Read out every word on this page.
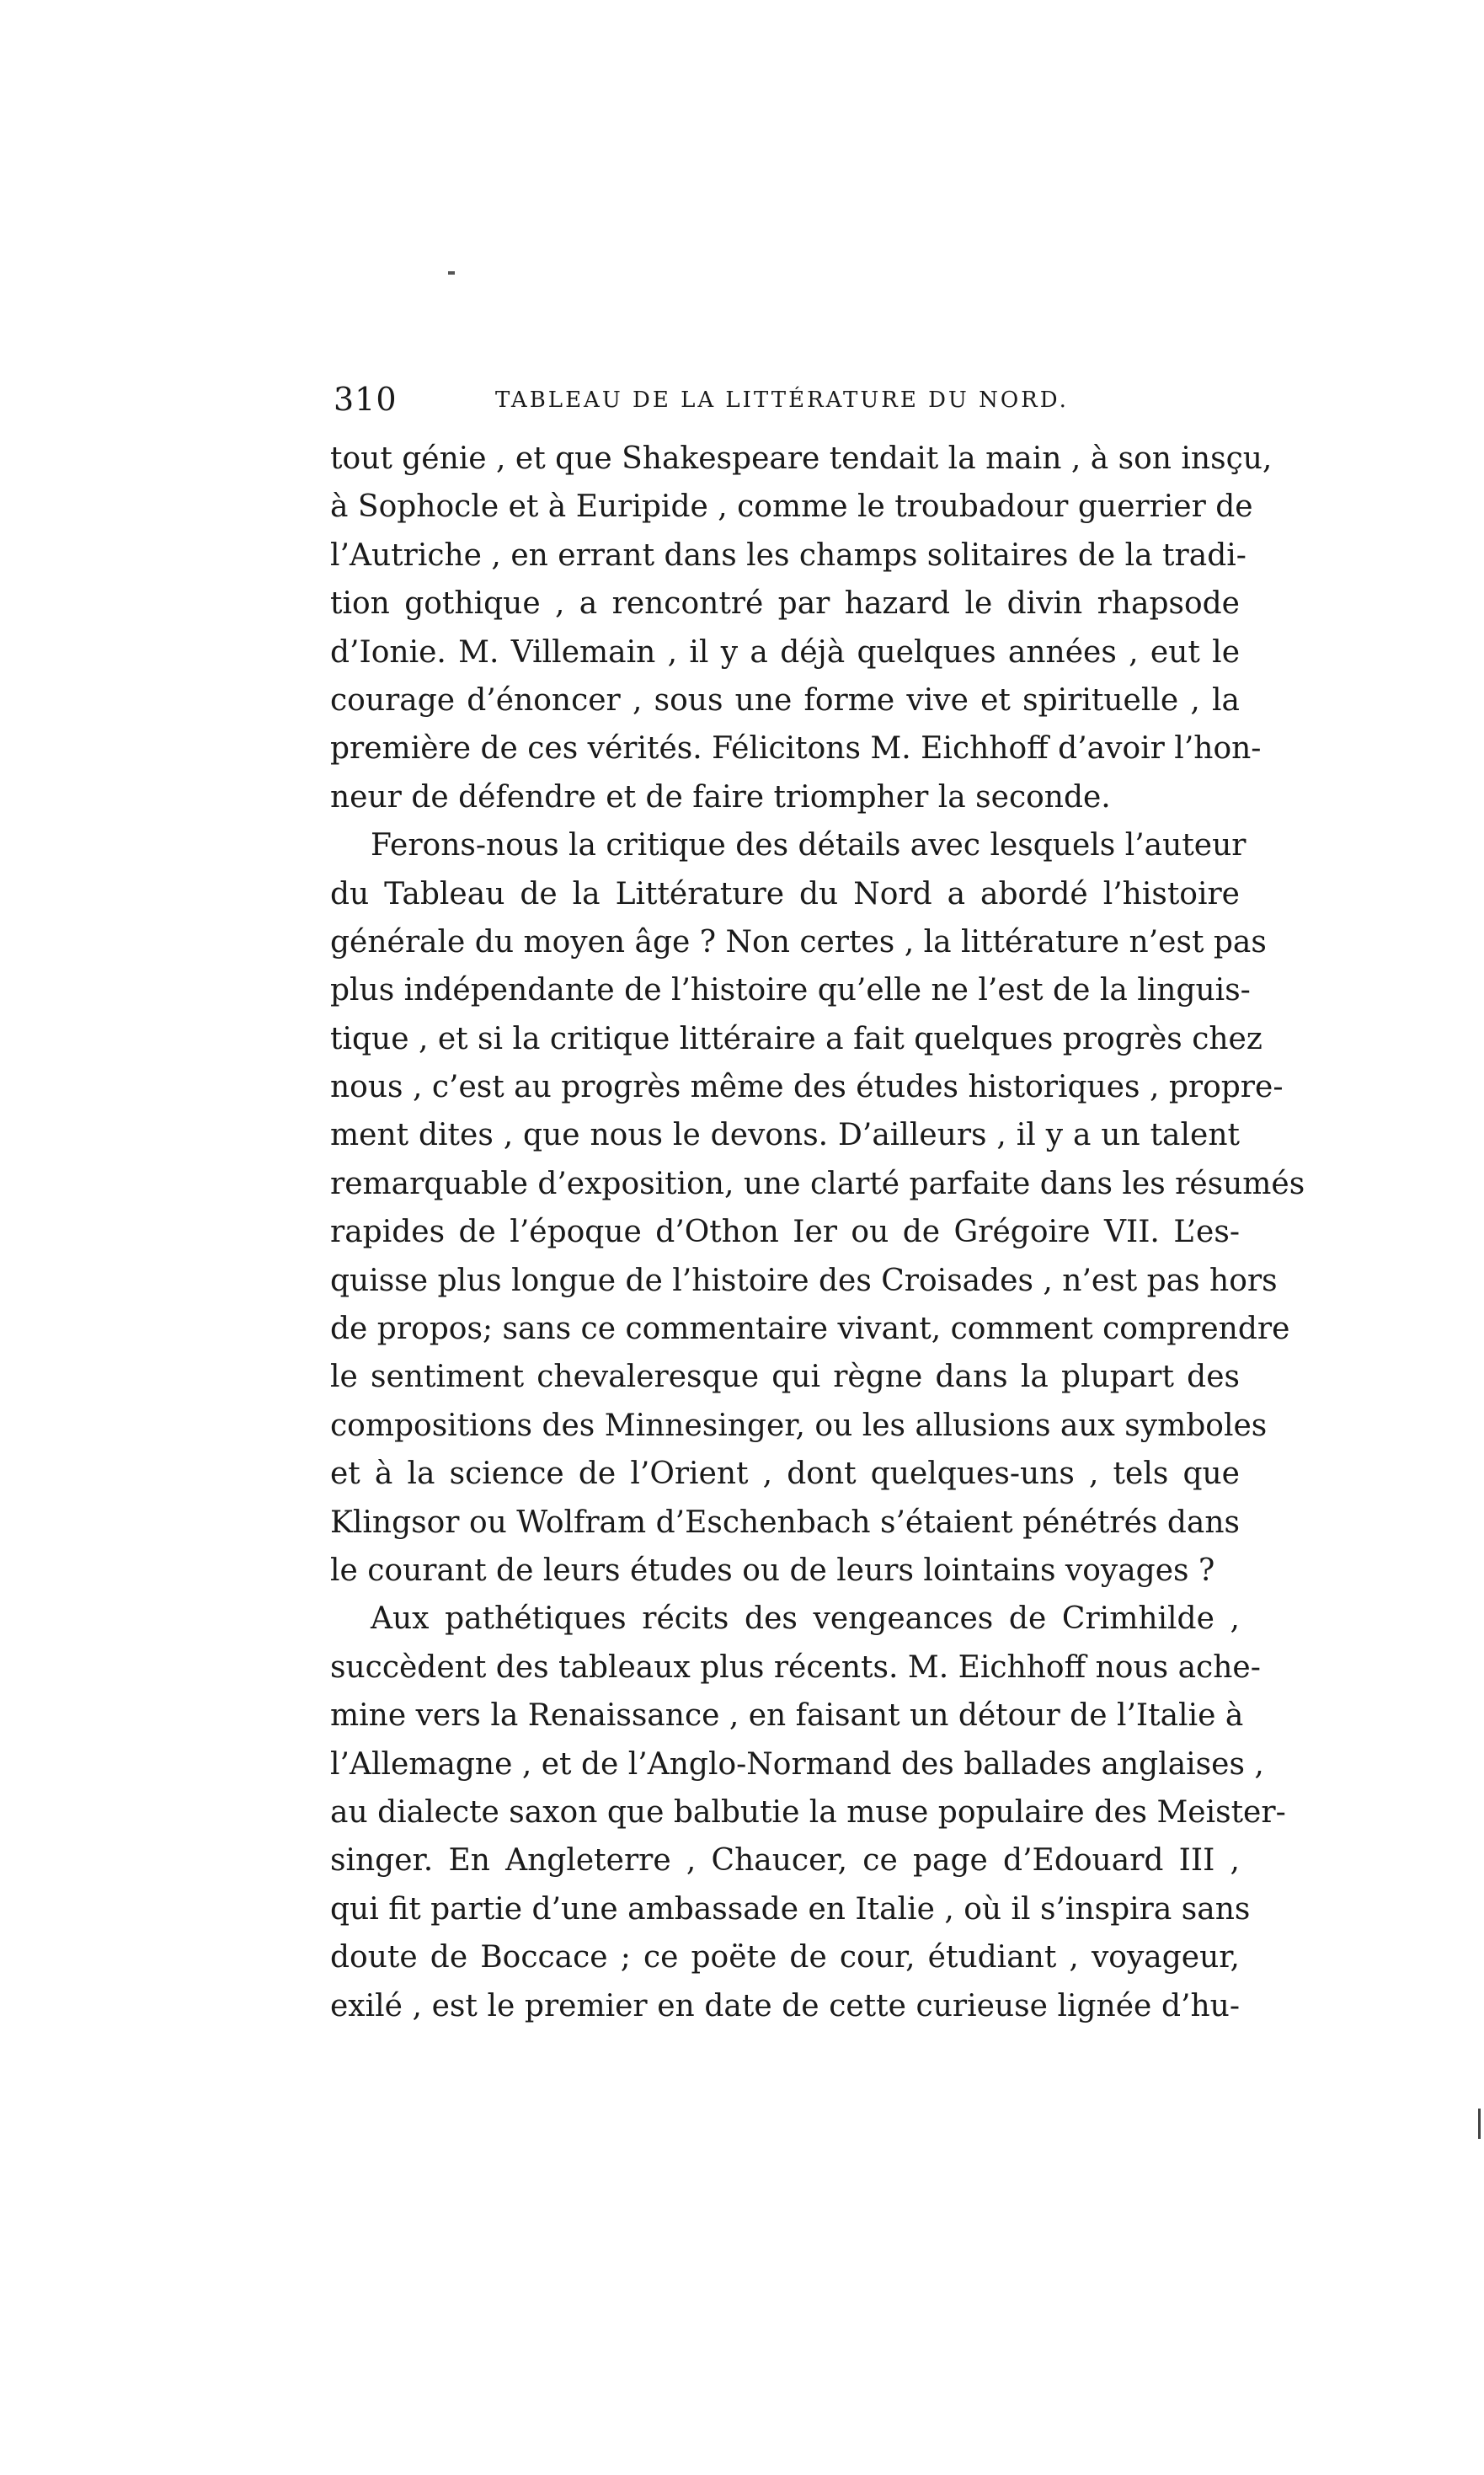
310	TABLEAU DE LA LITTÉRATURE DU NORD.
tout génie , et que Shakespeare tendait la main , à son insçu,
à Sophocle et à Euripide , comme le troubadour guerrier de
l’Autriche , en errant dans les champs solitaires de la tradi-
tion gothique , a rencontré par hazard le divin rhapsode
d’Ionie. M. Villemain , il y a déjà quelques années , eut le
courage d’énoncer , sous une forme vive et spirituelle , la
première de ces vérités. Félicitons M. Eichhoff d’avoir l’hon-
neur de défendre et de faire triompher la seconde.
Ferons-nous la critique des détails avec lesquels l’auteur
du Tableau de la Littérature du Nord a abordé l’histoire
générale du moyen âge ? Non certes , la littérature n’est pas
plus indépendante de l’histoire qu’elle ne l’est de la linguis-
tique , et si la critique littéraire a fait quelques progrès chez
nous , c’est au progrès même des études historiques , propre-
ment dites , que nous le devons. D’ailleurs , il y a un talent
remarquable d’exposition, une clarté parfaite dans les résumés
rapides de l’époque d’Othon Ier ou de Grégoire VII. L’es-
quisse plus longue de l’histoire des Croisades , n’est pas hors
de propos; sans ce commentaire vivant, comment comprendre
le sentiment chevaleresque qui règne dans la plupart des
compositions des Minnesinger, ou les allusions aux symboles
et à la science de l’Orient , dont quelques-uns , tels que
Klingsor ou Wolfram d’Eschenbach s’étaient pénétrés dans
le courant de leurs études ou de leurs lointains voyages ?
Aux pathétiques récits des vengeances de Crimhilde ,
succèdent des tableaux plus récents. M. Eichhoff nous ache-
mine vers la Renaissance , en faisant un détour de l’Italie à
l’Allemagne , et de l’Anglo-Normand des ballades anglaises ,
au dialecte saxon que balbutie la muse populaire des Meister-
singer. En Angleterre , Chaucer, ce page d’Edouard III ,
qui fit partie d’une ambassade en Italie , où il s’inspira sans
doute de Boccace ; ce poëte de cour, étudiant , voyageur,
exilé , est le premier en date de cette curieuse lignée d’hu-
